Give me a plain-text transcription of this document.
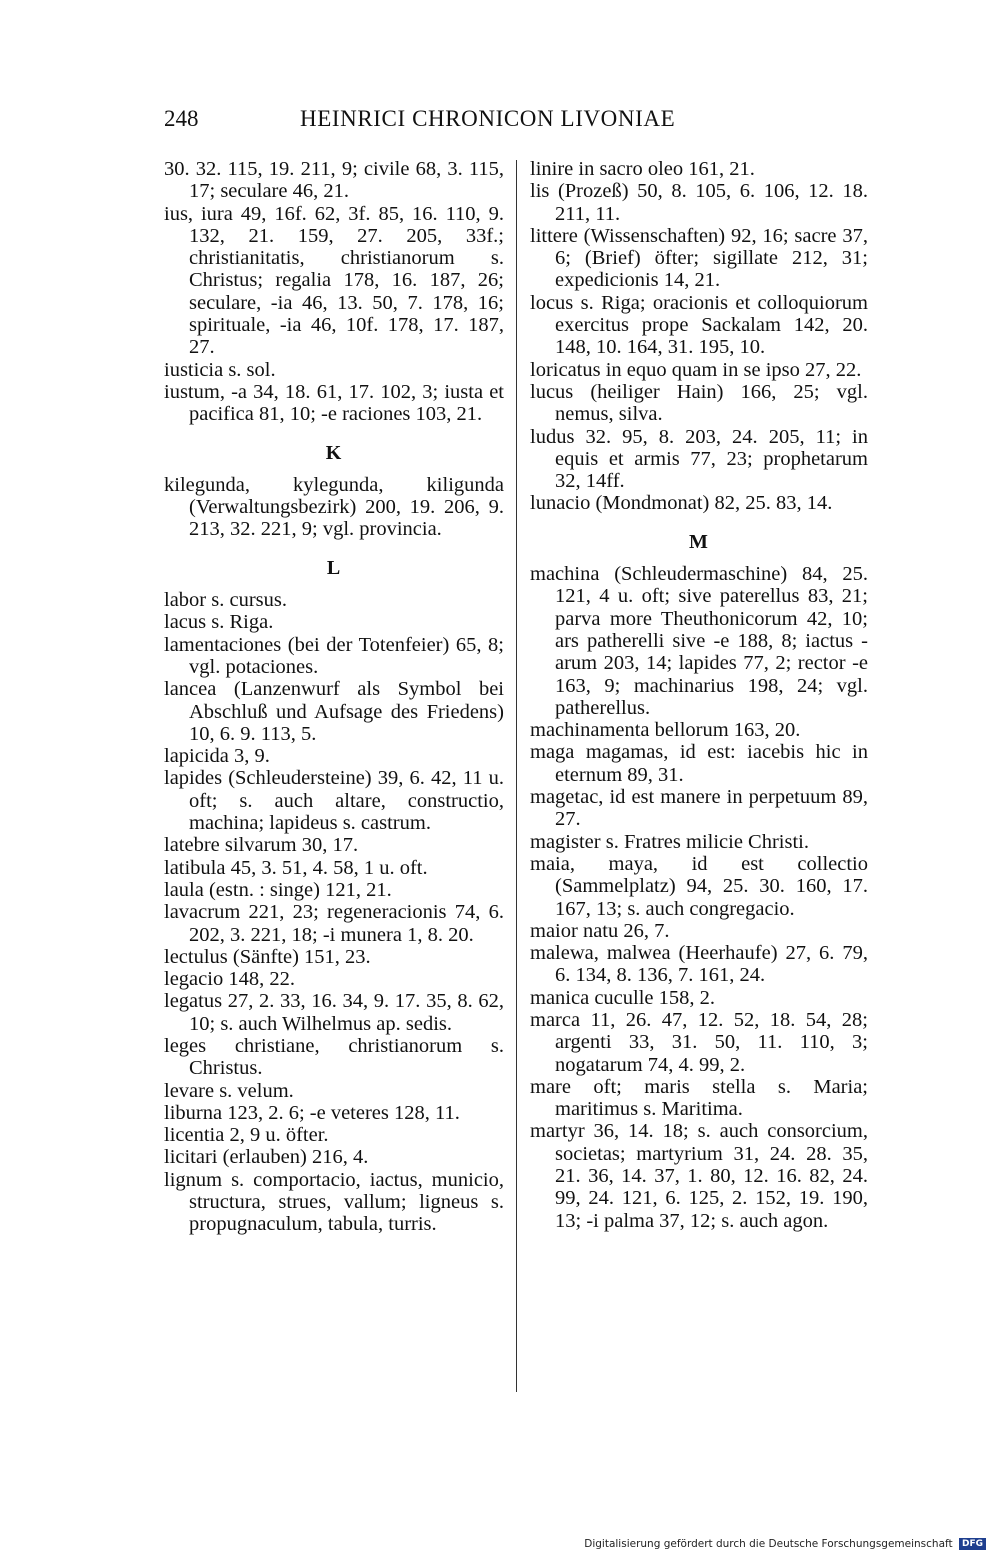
248	HEINRICI CHRONICON LIVONIAE
30. 32. 115, 19. 211, 9; civile 68, 3. 115, 17; seculare 46, 21.
ius, iura 49, 16f. 62, 3f. 85, 16. 110, 9. 132, 21. 159, 27. 205, 33f.; christianitatis, christianorum s. Christus; regalia 178, 16. 187, 26; seculare, -ia 46, 13. 50, 7. 178, 16; spirituale, -ia 46, 10f. 178, 17. 187, 27.
iusticia s. sol.
iustum, -a 34, 18. 61, 17. 102, 3; iusta et pacifica 81, 10; -e raciones 103, 21.
K
kilegunda, kylegunda, kiligunda (Verwaltungsbezirk) 200, 19. 206, 9. 213, 32. 221, 9; vgl. provincia.
L
labor s. cursus.
lacus s. Riga.
lamentaciones (bei der Totenfeier) 65, 8; vgl. potaciones.
lancea (Lanzenwurf als Symbol bei Abschluß und Aufsage des Friedens) 10, 6. 9. 113, 5.
lapicida 3, 9.
lapides (Schleudersteine) 39, 6. 42, 11 u. oft; s. auch altare, constructio, machina; lapideus s. castrum.
latebre silvarum 30, 17.
latibula 45, 3. 51, 4. 58, 1 u. oft.
laula (estn. : singe) 121, 21.
lavacrum 221, 23; regeneracionis 74, 6. 202, 3. 221, 18; -i munera 1, 8. 20.
lectulus (Sänfte) 151, 23.
legacio 148, 22.
legatus 27, 2. 33, 16. 34, 9. 17. 35, 8. 62, 10; s. auch Wilhelmus ap. sedis.
leges christiane, christianorum s. Christus.
levare s. velum.
liburna 123, 2. 6; -e veteres 128, 11.
licentia 2, 9 u. öfter.
licitari (erlauben) 216, 4.
lignum s. comportacio, iactus, municio, structura, strues, vallum; ligneus s. propugnaculum, tabula, turris.
linire in sacro oleo 161, 21.
lis (Prozeß) 50, 8. 105, 6. 106, 12. 18. 211, 11.
littere (Wissenschaften) 92, 16; sacre 37, 6; (Brief) öfter; sigillate 212, 31; expedicionis 14, 21.
locus s. Riga; oracionis et colloquiorum exercitus prope Sackalam 142, 20. 148, 10. 164, 31. 195, 10.
loricatus in equo quam in se ipso 27, 22.
lucus (heiliger Hain) 166, 25; vgl. nemus, silva.
ludus 32. 95, 8. 203, 24. 205, 11; in equis et armis 77, 23; prophetarum 32, 14ff.
lunacio (Mondmonat) 82, 25. 83, 14.
M
machina (Schleudermaschine) 84, 25. 121, 4 u. oft; sive paterellus 83, 21; parva more Theuthonicorum 42, 10; ars patherelli sive -e 188, 8; iactus -arum 203, 14; lapides 77, 2; rector -e 163, 9; machinarius 198, 24; vgl. patherellus.
machinamenta bellorum 163, 20.
maga magamas, id est: iacebis hic in eternum 89, 31.
magetac, id est manere in perpetuum 89, 27.
magister s. Fratres milicie Christi.
maia, maya, id est collectio (Sammelplatz) 94, 25. 30. 160, 17. 167, 13; s. auch congregacio.
maior natu 26, 7.
malewa, malwea (Heerhaufe) 27, 6. 79, 6. 134, 8. 136, 7. 161, 24.
manica cuculle 158, 2.
marca 11, 26. 47, 12. 52, 18. 54, 28; argenti 33, 31. 50, 11. 110, 3; nogatarum 74, 4. 99, 2.
mare oft; maris stella s. Maria; maritimus s. Maritima.
martyr 36, 14. 18; s. auch consorcium, societas; martyrium 31, 24. 28. 35, 21. 36, 14. 37, 1. 80, 12. 16. 82, 24. 99, 24. 121, 6. 125, 2. 152, 19. 190, 13; -i palma 37, 12; s. auch agon.
Digitalisierung gefördert durch die Deutsche Forschungsgemeinschaft DFG
